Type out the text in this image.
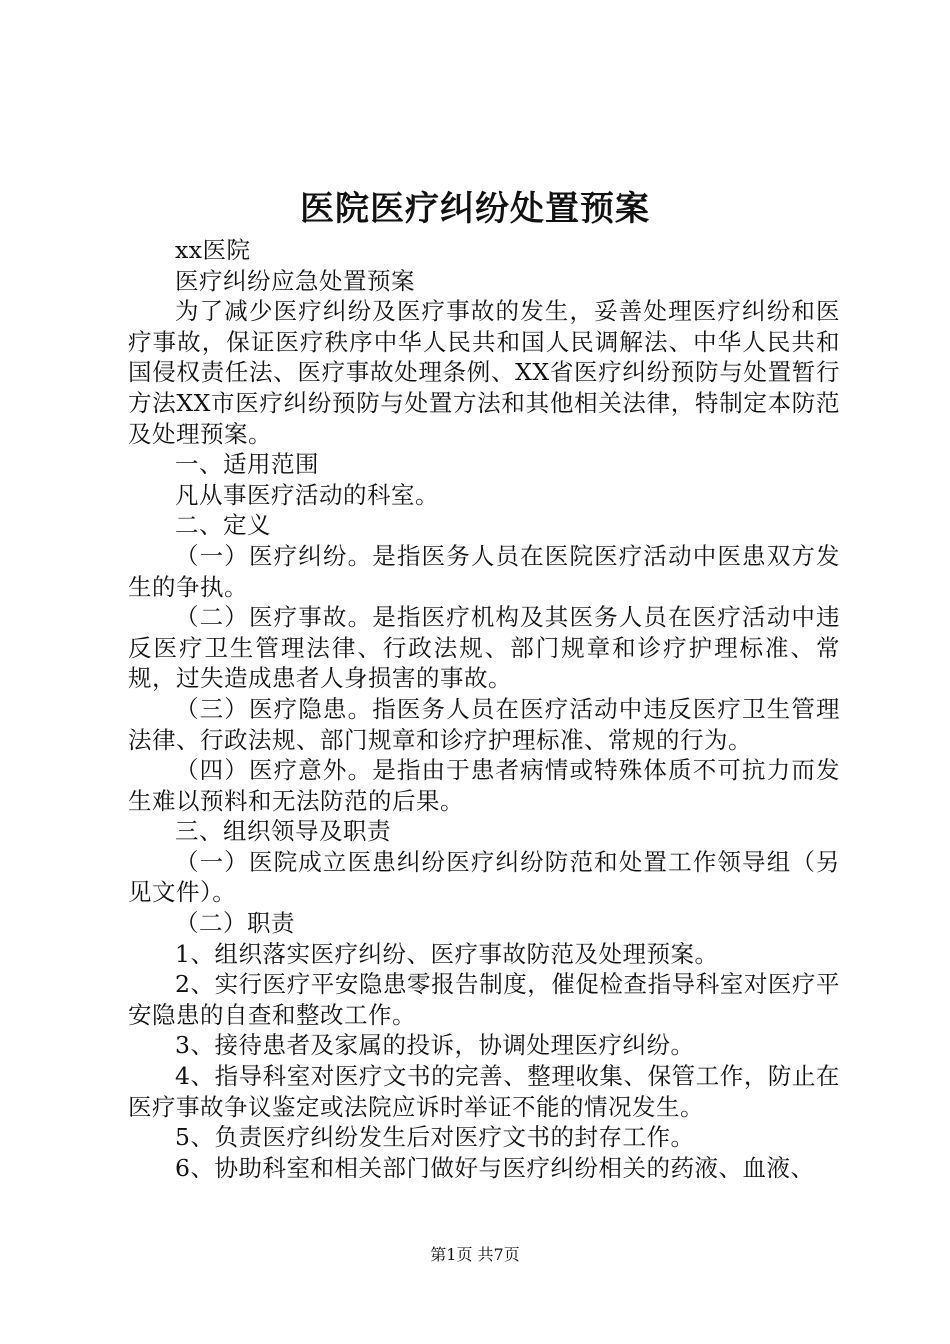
医院医疗纠纷处置预案

xx医院

医疗纠纷应急处置预案

为了减少医疗纠纷及医疗事故的发生，妥善处理医疗纠纷和医疗事故，保证医疗秩序中华人民共和国人民调解法、中华人民共和国侵权责任法、医疗事故处理条例、XX省医疗纠纷预防与处置暂行方法XX市医疗纠纷预防与处置方法和其他相关法律，特制定本防范及处理预案。

一、适用范围

凡从事医疗活动的科室。

二、定义

（一）医疗纠纷。是指医务人员在医院医疗活动中医患双方发生的争执。

（二）医疗事故。是指医疗机构及其医务人员在医疗活动中违反医疗卫生管理法律、行政法规、部门规章和诊疗护理标准、常规，过失造成患者人身损害的事故。

（三）医疗隐患。指医务人员在医疗活动中违反医疗卫生管理法律、行政法规、部门规章和诊疗护理标准、常规的行为。

（四）医疗意外。是指由于患者病情或特殊体质不可抗力而发生难以预料和无法防范的后果。

三、组织领导及职责

（一）医院成立医患纠纷医疗纠纷防范和处置工作领导组（另见文件）。

（二）职责

1、组织落实医疗纠纷、医疗事故防范及处理预案。

2、实行医疗平安隐患零报告制度，催促检查指导科室对医疗平安隐患的自查和整改工作。

3、接待患者及家属的投诉，协调处理医疗纠纷。

4、指导科室对医疗文书的完善、整理收集、保管工作，防止在医疗事故争议鉴定或法院应诉时举证不能的情况发生。

5、负责医疗纠纷发生后对医疗文书的封存工作。

6、协助科室和相关部门做好与医疗纠纷相关的药液、血液、

第1页 共7页
